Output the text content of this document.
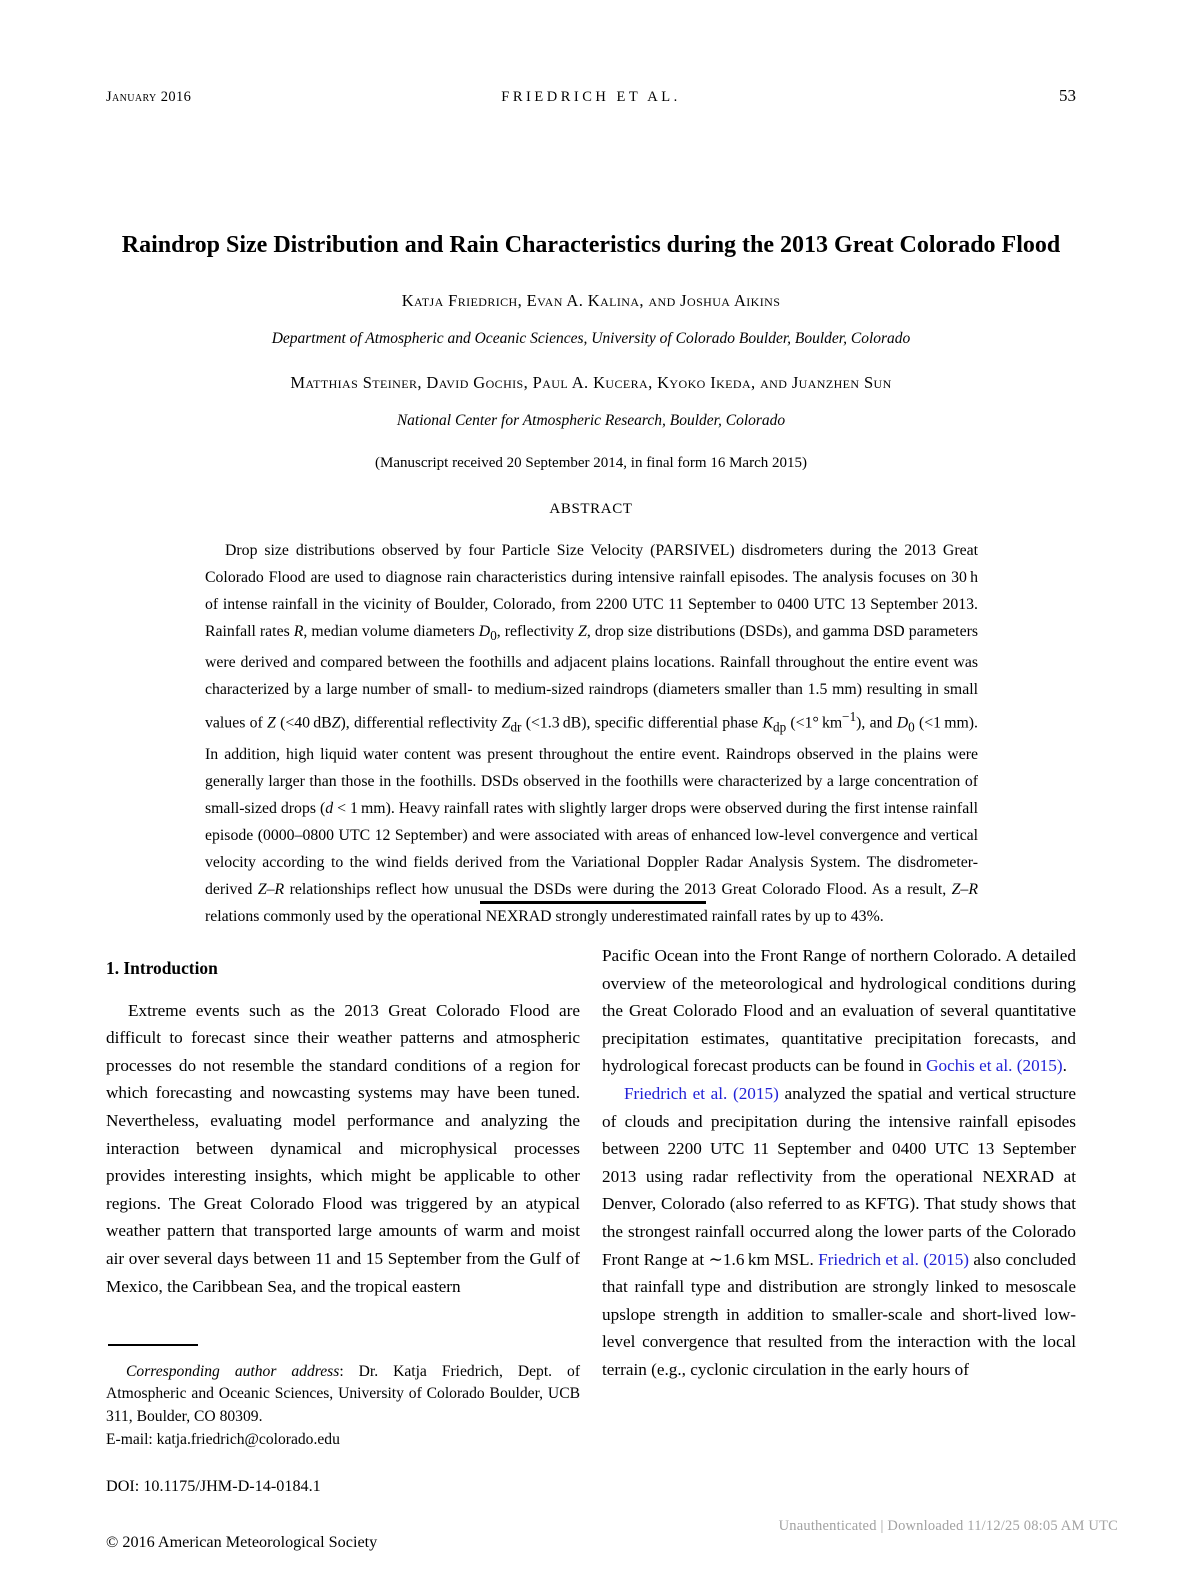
January 2016	FRIEDRICH ET AL.	53
Raindrop Size Distribution and Rain Characteristics during the 2013 Great Colorado Flood
Katja Friedrich, Evan A. Kalina, and Joshua Aikins
Department of Atmospheric and Oceanic Sciences, University of Colorado Boulder, Boulder, Colorado
Matthias Steiner, David Gochis, Paul A. Kucera, Kyoko Ikeda, and Juanzhen Sun
National Center for Atmospheric Research, Boulder, Colorado
(Manuscript received 20 September 2014, in final form 16 March 2015)
ABSTRACT
Drop size distributions observed by four Particle Size Velocity (PARSIVEL) disdrometers during the 2013 Great Colorado Flood are used to diagnose rain characteristics during intensive rainfall episodes. The analysis focuses on 30 h of intense rainfall in the vicinity of Boulder, Colorado, from 2200 UTC 11 September to 0400 UTC 13 September 2013. Rainfall rates R, median volume diameters $D_0$, reflectivity Z, drop size distributions (DSDs), and gamma DSD parameters were derived and compared between the foothills and adjacent plains locations. Rainfall throughout the entire event was characterized by a large number of small- to medium-sized raindrops (diameters smaller than 1.5 mm) resulting in small values of Z (<40 dBZ), differential reflectivity $Z_{dr}$ (<1.3 dB), specific differential phase $K_{dp}$ (<1° $km^{-1}$), and $D_0$ (<1 mm). In addition, high liquid water content was present throughout the entire event. Raindrops observed in the plains were generally larger than those in the foothills. DSDs observed in the foothills were characterized by a large concentration of small-sized drops (d < 1 mm). Heavy rainfall rates with slightly larger drops were observed during the first intense rainfall episode (0000–0800 UTC 12 September) and were associated with areas of enhanced low-level convergence and vertical velocity according to the wind fields derived from the Variational Doppler Radar Analysis System. The disdrometer-derived Z–R relationships reflect how unusual the DSDs were during the 2013 Great Colorado Flood. As a result, Z–R relations commonly used by the operational NEXRAD strongly underestimated rainfall rates by up to 43%.
1. Introduction
Extreme events such as the 2013 Great Colorado Flood are difficult to forecast since their weather patterns and atmospheric processes do not resemble the standard conditions of a region for which forecasting and nowcasting systems may have been tuned. Nevertheless, evaluating model performance and analyzing the interaction between dynamical and microphysical processes provides interesting insights, which might be applicable to other regions. The Great Colorado Flood was triggered by an atypical weather pattern that transported large amounts of warm and moist air over several days between 11 and 15 September from the Gulf of Mexico, the Caribbean Sea, and the tropical eastern
Pacific Ocean into the Front Range of northern Colorado. A detailed overview of the meteorological and hydrological conditions during the Great Colorado Flood and an evaluation of several quantitative precipitation estimates, quantitative precipitation forecasts, and hydrological forecast products can be found in Gochis et al. (2015).
Friedrich et al. (2015) analyzed the spatial and vertical structure of clouds and precipitation during the intensive rainfall episodes between 2200 UTC 11 September and 0400 UTC 13 September 2013 using radar reflectivity from the operational NEXRAD at Denver, Colorado (also referred to as KFTG). That study shows that the strongest rainfall occurred along the lower parts of the Colorado Front Range at ∼1.6 km MSL. Friedrich et al. (2015) also concluded that rainfall type and distribution are strongly linked to mesoscale upslope strength in addition to smaller-scale and short-lived low-level convergence that resulted from the interaction with the local terrain (e.g., cyclonic circulation in the early hours of
Corresponding author address: Dr. Katja Friedrich, Dept. of Atmospheric and Oceanic Sciences, University of Colorado Boulder, UCB 311, Boulder, CO 80309.
E-mail: katja.friedrich@colorado.edu
DOI: 10.1175/JHM-D-14-0184.1
© 2016 American Meteorological Society
Unauthenticated | Downloaded 11/12/25 08:05 AM UTC
